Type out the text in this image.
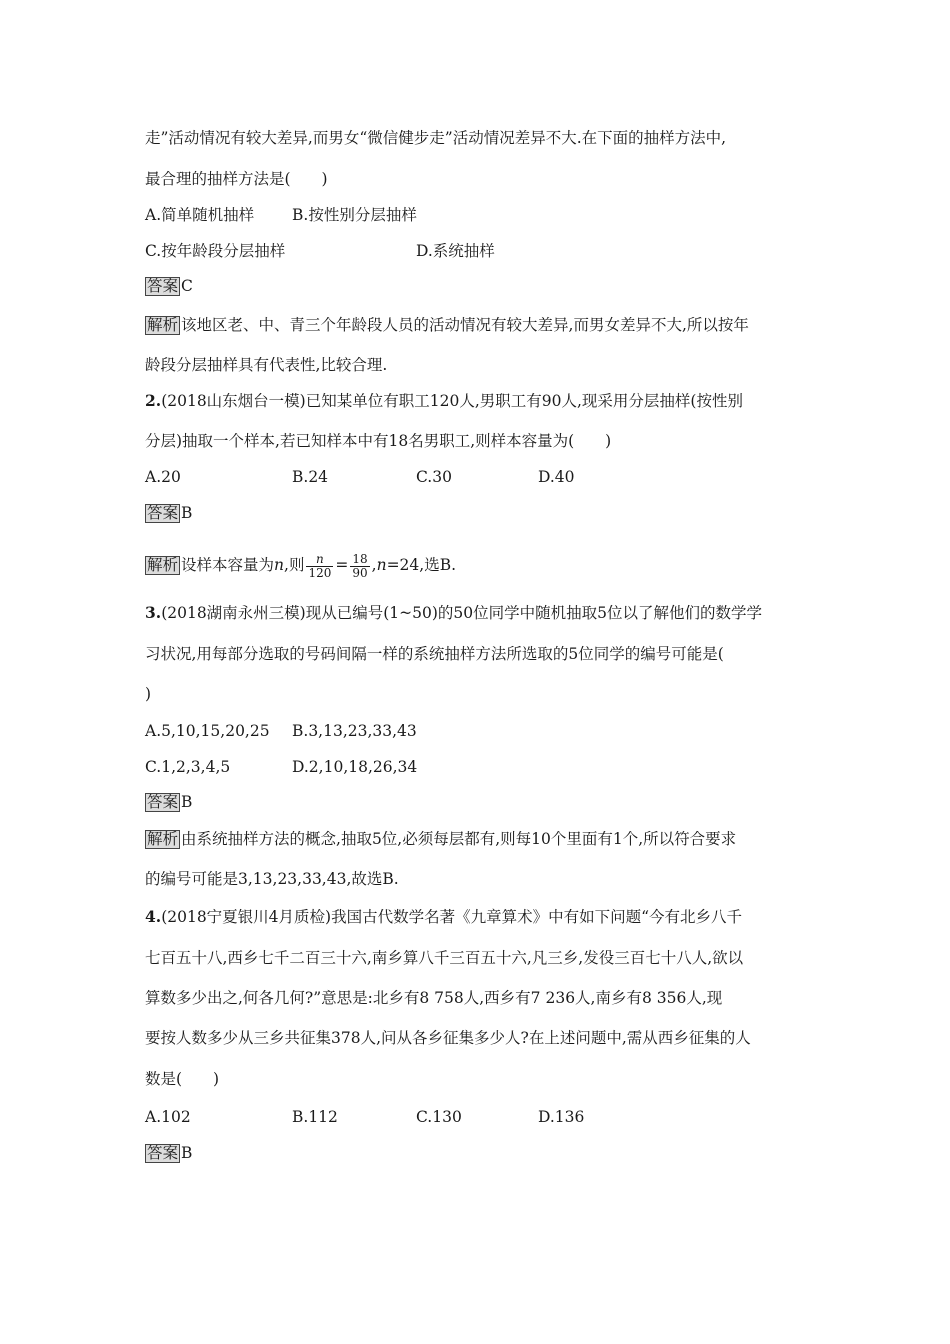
走”活动情况有较大差异,而男女“微信健步走”活动情况差异不大.在下面的抽样方法中,
最合理的抽样方法是(　　)
A.简单随机抽样 B.按性别分层抽样
C.按年龄段分层抽样	D.系统抽样
答案 C
解析 该地区老、中、青三个年龄段人员的活动情况有较大差异,而男女差异不大,所以按年
龄段分层抽样具有代表性,比较合理.
2.(2018山东烟台一模)已知某单位有职工120人,男职工有90人,现采用分层抽样(按性别
分层)抽取一个样本,若已知样本中有18名男职工,则样本容量为(　　)
A.20	B.24	C.30	D.40
答案 B
解析 设样本容量为n,则 $\frac{n}{120} = \frac{18}{90} ,n=24$,选B.
3.(2018湖南永州三模)现从已编号(1~50)的50位同学中随机抽取5位以了解他们的数学学
习状况,用每部分选取的号码间隔一样的系统抽样方法所选取的5位同学的编号可能是(
)
A.5,10,15,20,25 B.3,13,23,33,43
C.1,2,3,4,5	D.2,10,18,26,34
答案 B
解析 由系统抽样方法的概念,抽取5位,必须每层都有,则每10个里面有1个,所以符合要求
的编号可能是3,13,23,33,43,故选B.
4.(2018宁夏银川4月质检)我国古代数学名著《九章算术》中有如下问题“今有北乡八千
七百五十八,西乡七千二百三十六,南乡算八千三百五十六,凡三乡,发役三百七十八人,欲以
算数多少出之,何各几何?”意思是:北乡有8 758人,西乡有7 236人,南乡有8 356人,现
要按人数多少从三乡共征集378人,问从各乡征集多少人?在上述问题中,需从西乡征集的人
数是(　　)
A.102	B.112	C.130	D.136
答案 B
